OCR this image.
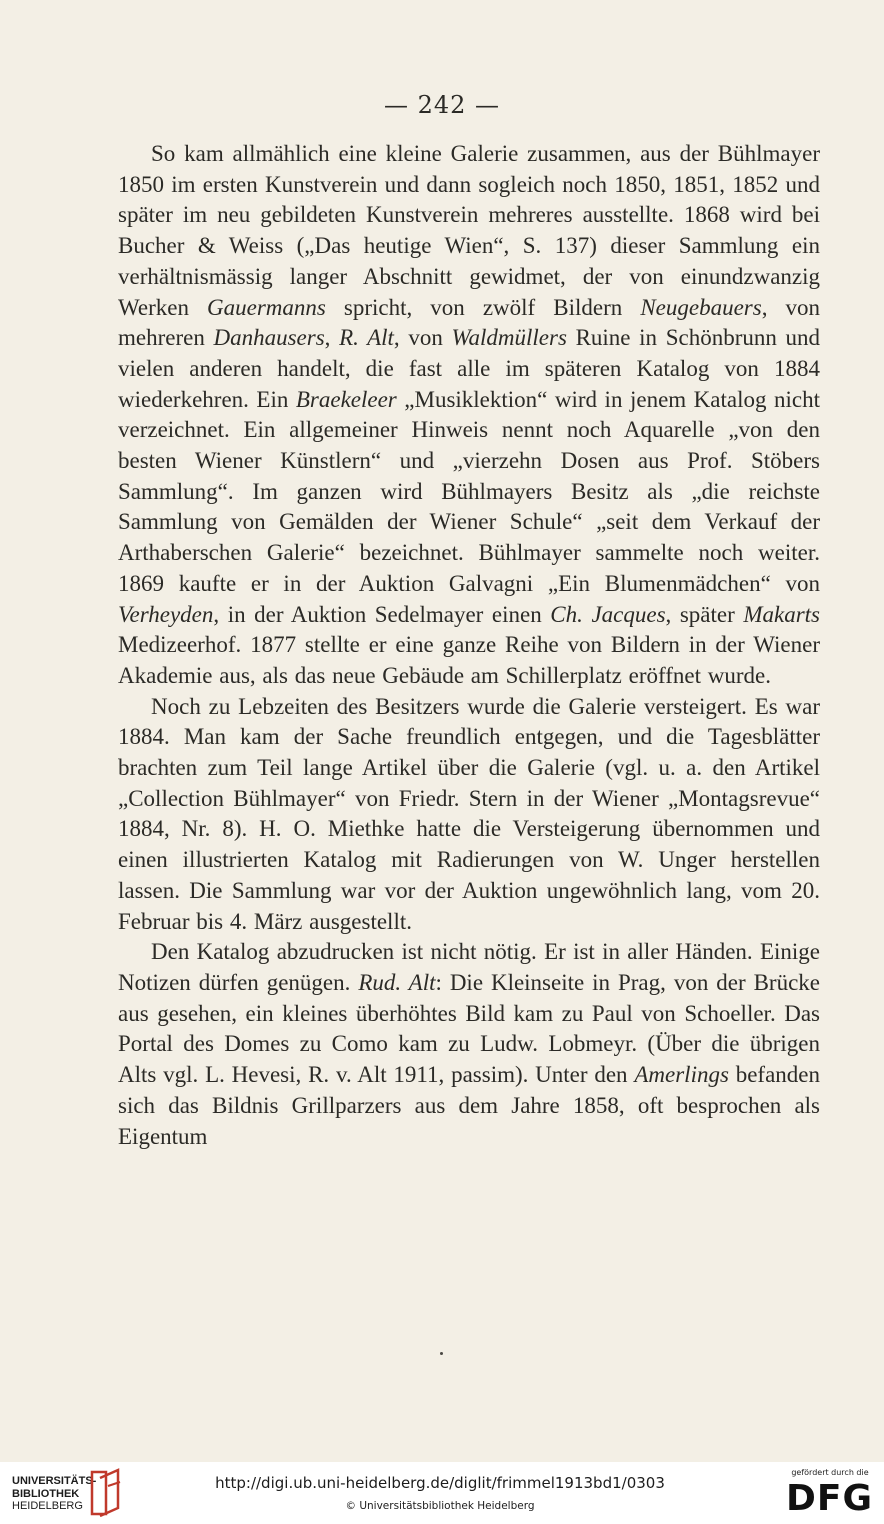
— 242 —

So kam allmählich eine kleine Galerie zusammen, aus der Bühlmayer 1850 im ersten Kunstverein und dann sogleich noch 1850, 1851, 1852 und später im neu gebildeten Kunstverein mehreres ausstellte. 1868 wird bei Bucher & Weiss („Das heutige Wien“, S. 137) dieser Sammlung ein verhältnismässig langer Abschnitt gewidmet, der von einundzwanzig Werken Gauermanns spricht, von zwölf Bildern Neugebauers, von mehreren Danhausers, R. Alt, von Waldmüllers Ruine in Schönbrunn und vielen anderen handelt, die fast alle im späteren Katalog von 1884 wiederkehren. Ein Braekeleer „Musiklektion“ wird in jenem Katalog nicht verzeichnet. Ein allgemeiner Hinweis nennt noch Aquarelle „von den besten Wiener Künstlern“ und „vierzehn Dosen aus Prof. Stöbers Sammlung“. Im ganzen wird Bühlmayers Besitz als „die reichste Sammlung von Gemälden der Wiener Schule“ „seit dem Verkauf der Arthaberschen Galerie“ bezeichnet. Bühlmayer sammelte noch weiter. 1869 kaufte er in der Auktion Galvagni „Ein Blumenmädchen“ von Verheyden, in der Auktion Sedelmayer einen Ch. Jacques, später Makarts Medizeerhof. 1877 stellte er eine ganze Reihe von Bildern in der Wiener Akademie aus, als das neue Gebäude am Schillerplatz eröffnet wurde.

Noch zu Lebzeiten des Besitzers wurde die Galerie versteigert. Es war 1884. Man kam der Sache freundlich entgegen, und die Tagesblätter brachten zum Teil lange Artikel über die Galerie (vgl. u. a. den Artikel „Collection Bühlmayer“ von Friedr. Stern in der Wiener „Montagsrevue“ 1884, Nr. 8). H. O. Miethke hatte die Versteigerung übernommen und einen illustrierten Katalog mit Radierungen von W. Unger herstellen lassen. Die Sammlung war vor der Auktion ungewöhnlich lang, vom 20. Februar bis 4. März ausgestellt.

Den Katalog abzudrucken ist nicht nötig. Er ist in aller Händen. Einige Notizen dürfen genügen. Rud. Alt: Die Kleinseite in Prag, von der Brücke aus gesehen, ein kleines überhöhtes Bild kam zu Paul von Schoeller. Das Portal des Domes zu Como kam zu Ludw. Lobmeyr. (Über die übrigen Alts vgl. L. Hevesi, R. v. Alt 1911, passim). Unter den Amerlings befanden sich das Bildnis Grillparzers aus dem Jahre 1858, oft besprochen als Eigentum

UNIVERSITÄTS-
BIBLIOTHEK
HEIDELBERG
http://digi.ub.uni-heidelberg.de/diglit/frimmel1913bd1/0303
© Universitätsbibliothek Heidelberg
gefördert durch die
DFG
